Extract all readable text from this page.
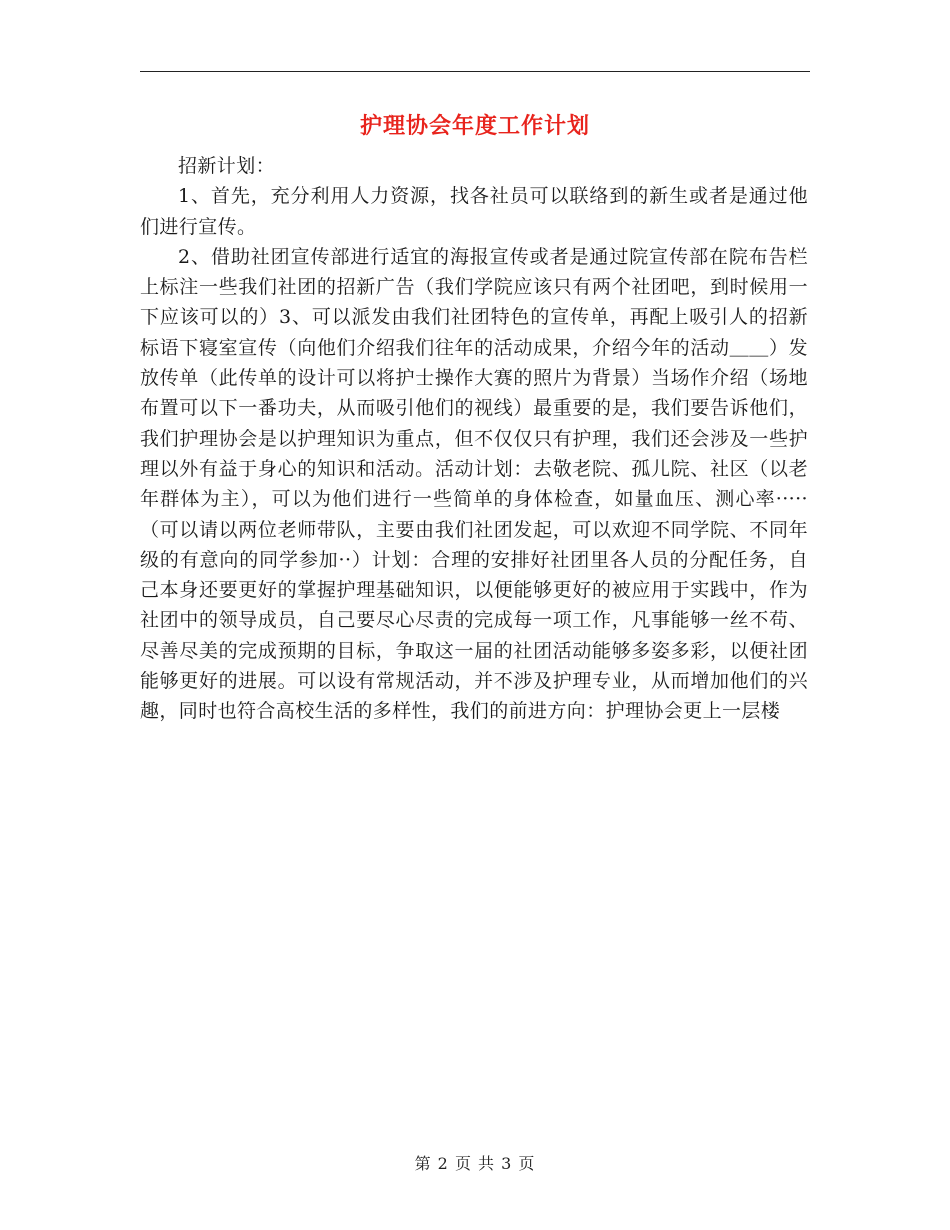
护理协会年度工作计划

招新计划：

1、首先，充分利用人力资源，找各社员可以联络到的新生或者是通过他们进行宣传。

2、借助社团宣传部进行适宜的海报宣传或者是通过院宣传部在院布告栏上标注一些我们社团的招新广告（我们学院应该只有两个社团吧，到时候用一下应该可以的）3、可以派发由我们社团特色的宣传单，再配上吸引人的招新标语下寝室宣传（向他们介绍我们往年的活动成果，介绍今年的活动＿＿）发放传单（此传单的设计可以将护士操作大赛的照片为背景）当场作介绍（场地布置可以下一番功夫，从而吸引他们的视线）最重要的是，我们要告诉他们，我们护理协会是以护理知识为重点，但不仅仅只有护理，我们还会涉及一些护理以外有益于身心的知识和活动。活动计划：去敬老院、孤儿院、社区（以老年群体为主），可以为他们进行一些简单的身体检查，如量血压、测心率·····（可以请以两位老师带队，主要由我们社团发起，可以欢迎不同学院、不同年级的有意向的同学参加··）计划：合理的安排好社团里各人员的分配任务，自己本身还要更好的掌握护理基础知识，以便能够更好的被应用于实践中，作为社团中的领导成员，自己要尽心尽责的完成每一项工作，凡事能够一丝不苟、尽善尽美的完成预期的目标，争取这一届的社团活动能够多姿多彩，以便社团能够更好的进展。可以设有常规活动，并不涉及护理专业，从而增加他们的兴趣，同时也符合高校生活的多样性，我们的前进方向：护理协会更上一层楼

第 2 页 共 3 页
